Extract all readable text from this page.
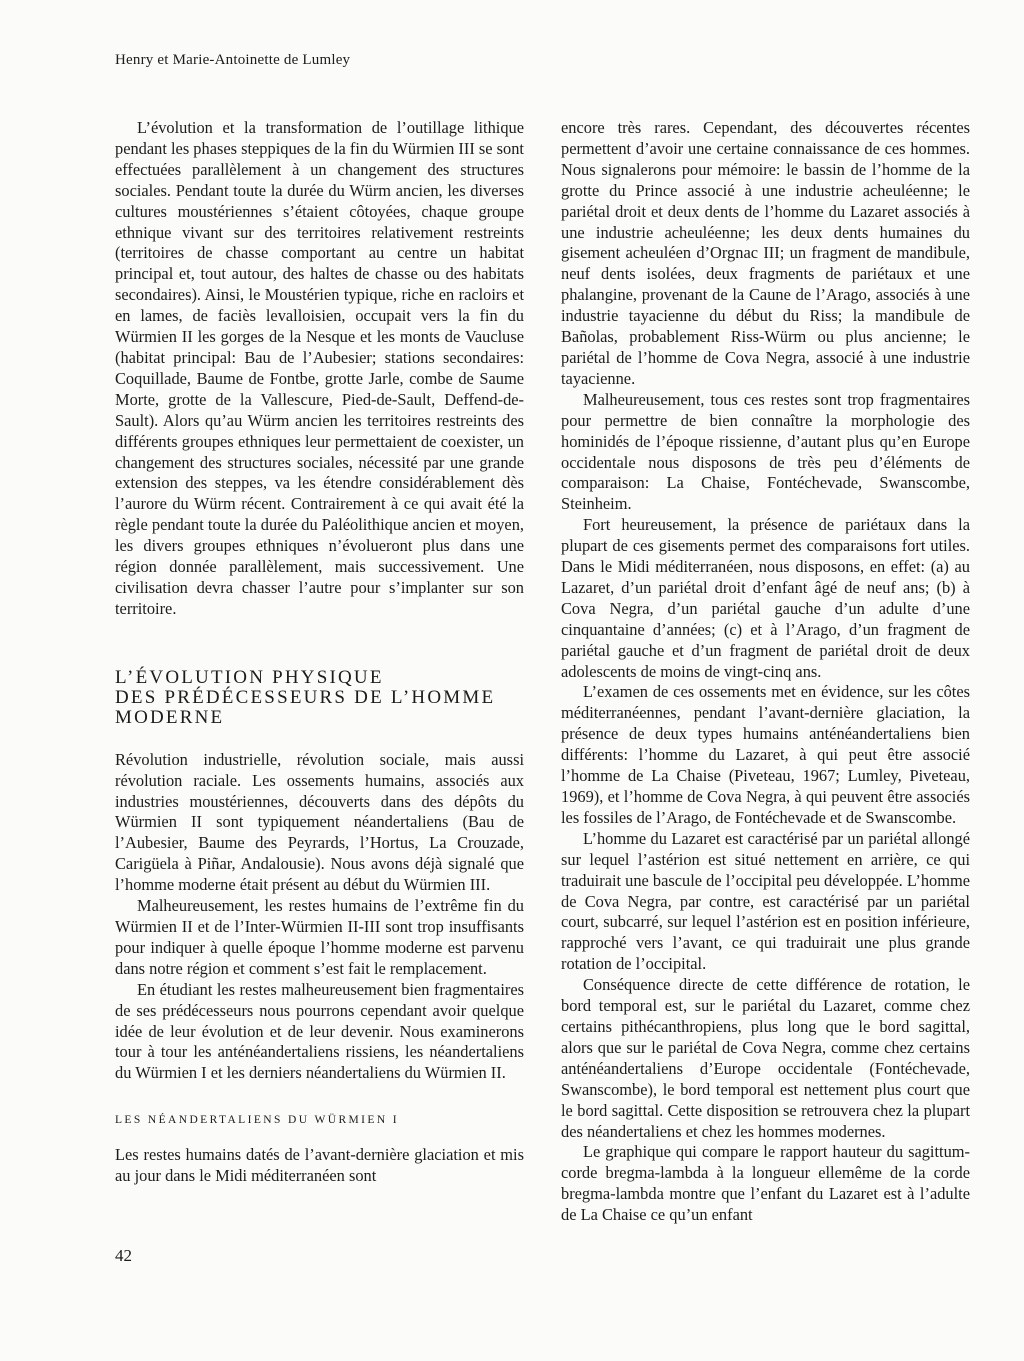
Henry et Marie-Antoinette de Lumley

L’évolution et la transformation de l’outillage lithique pendant les phases steppiques de la fin du Würmien III se sont effectuées parallèlement à un changement des structures sociales. Pendant toute la durée du Würm ancien, les diverses cultures moustériennes s’étaient côtoyées, chaque groupe ethnique vivant sur des territoires relativement restreints (territoires de chasse comportant au centre un habitat principal et, tout autour, des haltes de chasse ou des habitats secondaires). Ainsi, le Moustérien typique, riche en racloirs et en lames, de faciès levalloisien, occupait vers la fin du Würmien II les gorges de la Nesque et les monts de Vaucluse (habitat principal: Bau de l’Aubesier; stations secondaires: Coquillade, Baume de Fontbe, grotte Jarle, combe de Saume Morte, grotte de la Vallescure, Pied-de-Sault, Deffend-de-Sault). Alors qu’au Würm ancien les territoires restreints des différents groupes ethniques leur permettaient de coexister, un changement des structures sociales, nécessité par une grande extension des steppes, va les étendre considérablement dès l’aurore du Würm récent. Contrairement à ce qui avait été la règle pendant toute la durée du Paléolithique ancien et moyen, les divers groupes ethniques n’évolueront plus dans une région donnée parallèlement, mais successivement. Une civilisation devra chasser l’autre pour s’implanter sur son territoire.

L’ÉVOLUTION PHYSIQUE
DES PRÉDÉCESSEURS DE L’HOMME
MODERNE

Révolution industrielle, révolution sociale, mais aussi révolution raciale. Les ossements humains, associés aux industries moustériennes, découverts dans des dépôts du Würmien II sont typiquement néandertaliens (Bau de l’Aubesier, Baume des Peyrards, l’Hortus, La Crouzade, Carigüela à Piñar, Andalousie). Nous avons déjà signalé que l’homme moderne était présent au début du Würmien III.

Malheureusement, les restes humains de l’extrême fin du Würmien II et de l’Inter-Würmien II-III sont trop insuffisants pour indiquer à quelle époque l’homme moderne est parvenu dans notre région et comment s’est fait le remplacement.

En étudiant les restes malheureusement bien fragmentaires de ses prédécesseurs nous pourrons cependant avoir quelque idée de leur évolution et de leur devenir. Nous examinerons tour à tour les anténéandertaliens rissiens, les néandertaliens du Würmien I et les derniers néandertaliens du Würmien II.

LES NÉANDERTALIENS DU WÜRMIEN I

Les restes humains datés de l’avant-dernière glaciation et mis au jour dans le Midi méditerranéen sont

encore très rares. Cependant, des découvertes récentes permettent d’avoir une certaine connaissance de ces hommes. Nous signalerons pour mémoire: le bassin de l’homme de la grotte du Prince associé à une industrie acheuléenne; le pariétal droit et deux dents de l’homme du Lazaret associés à une industrie acheuléenne; les deux dents humaines du gisement acheuléen d’Orgnac III; un fragment de mandibule, neuf dents isolées, deux fragments de pariétaux et une phalangine, provenant de la Caune de l’Arago, associés à une industrie tayacienne du début du Riss; la mandibule de Bañolas, probablement Riss-Würm ou plus ancienne; le pariétal de l’homme de Cova Negra, associé à une industrie tayacienne.

Malheureusement, tous ces restes sont trop fragmentaires pour permettre de bien connaître la morphologie des hominidés de l’époque rissienne, d’autant plus qu’en Europe occidentale nous disposons de très peu d’éléments de comparaison: La Chaise, Fontéchevade, Swanscombe, Steinheim.

Fort heureusement, la présence de pariétaux dans la plupart de ces gisements permet des comparaisons fort utiles. Dans le Midi méditerranéen, nous disposons, en effet: (a) au Lazaret, d’un pariétal droit d’enfant âgé de neuf ans; (b) à Cova Negra, d’un pariétal gauche d’un adulte d’une cinquantaine d’années; (c) et à l’Arago, d’un fragment de pariétal gauche et d’un fragment de pariétal droit de deux adolescents de moins de vingt-cinq ans.

L’examen de ces ossements met en évidence, sur les côtes méditerranéennes, pendant l’avant-dernière glaciation, la présence de deux types humains anténéandertaliens bien différents: l’homme du Lazaret, à qui peut être associé l’homme de La Chaise (Piveteau, 1967; Lumley, Piveteau, 1969), et l’homme de Cova Negra, à qui peuvent être associés les fossiles de l’Arago, de Fontéchevade et de Swanscombe.

L’homme du Lazaret est caractérisé par un pariétal allongé sur lequel l’astérion est situé nettement en arrière, ce qui traduirait une bascule de l’occipital peu développée. L’homme de Cova Negra, par contre, est caractérisé par un pariétal court, subcarré, sur lequel l’astérion est en position inférieure, rapproché vers l’avant, ce qui traduirait une plus grande rotation de l’occipital.

Conséquence directe de cette différence de rotation, le bord temporal est, sur le pariétal du Lazaret, comme chez certains pithécanthropiens, plus long que le bord sagittal, alors que sur le pariétal de Cova Negra, comme chez certains anténéandertaliens d’Europe occidentale (Fontéchevade, Swanscombe), le bord temporal est nettement plus court que le bord sagittal. Cette disposition se retrouvera chez la plupart des néandertaliens et chez les hommes modernes.

Le graphique qui compare le rapport hauteur du sagittum-corde bregma-lambda à la longueur ellemême de la corde bregma-lambda montre que l’enfant du Lazaret est à l’adulte de La Chaise ce qu’un enfant

42
